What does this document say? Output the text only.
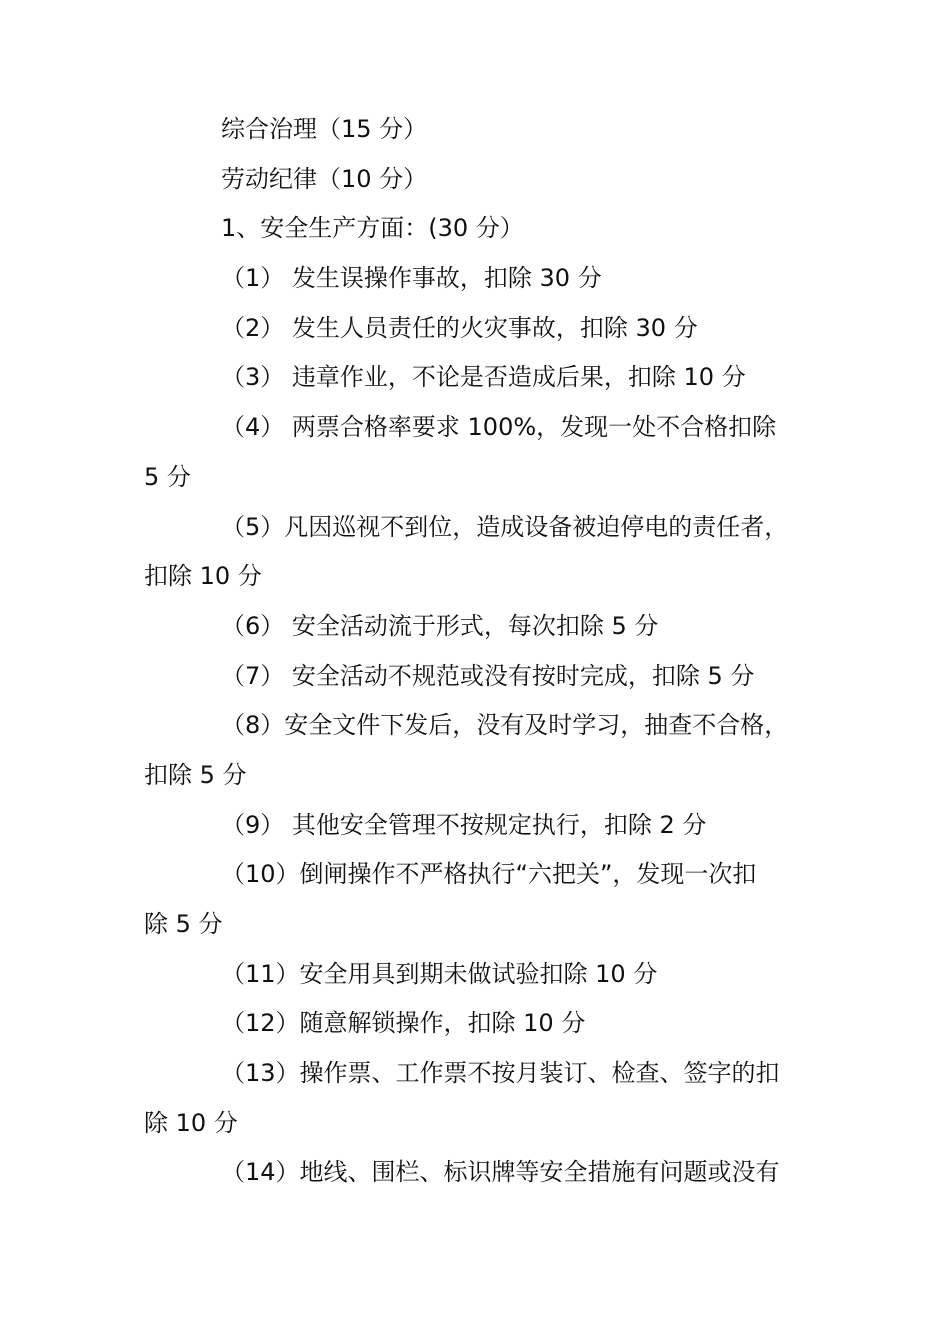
综合治理（15 分）
劳动纪律（10 分）
1、安全生产方面：(30 分）
（1） 发生误操作事故，扣除 30 分
（2） 发生人员责任的火灾事故，扣除 30 分
（3） 违章作业，不论是否造成后果，扣除 10 分
（4） 两票合格率要求 100%，发现一处不合格扣除
5 分
（5）凡因巡视不到位，造成设备被迫停电的责任者，
扣除 10 分
（6） 安全活动流于形式，每次扣除 5 分
（7） 安全活动不规范或没有按时完成，扣除 5 分
（8）安全文件下发后，没有及时学习，抽查不合格，
扣除 5 分
（9） 其他安全管理不按规定执行，扣除 2 分
（10）倒闸操作不严格执行“六把关”，发现一次扣
除 5 分
（11）安全用具到期未做试验扣除 10 分
（12）随意解锁操作，扣除 10 分
（13）操作票、工作票不按月装订、检查、签字的扣
除 10 分
（14）地线、围栏、标识牌等安全措施有问题或没有
